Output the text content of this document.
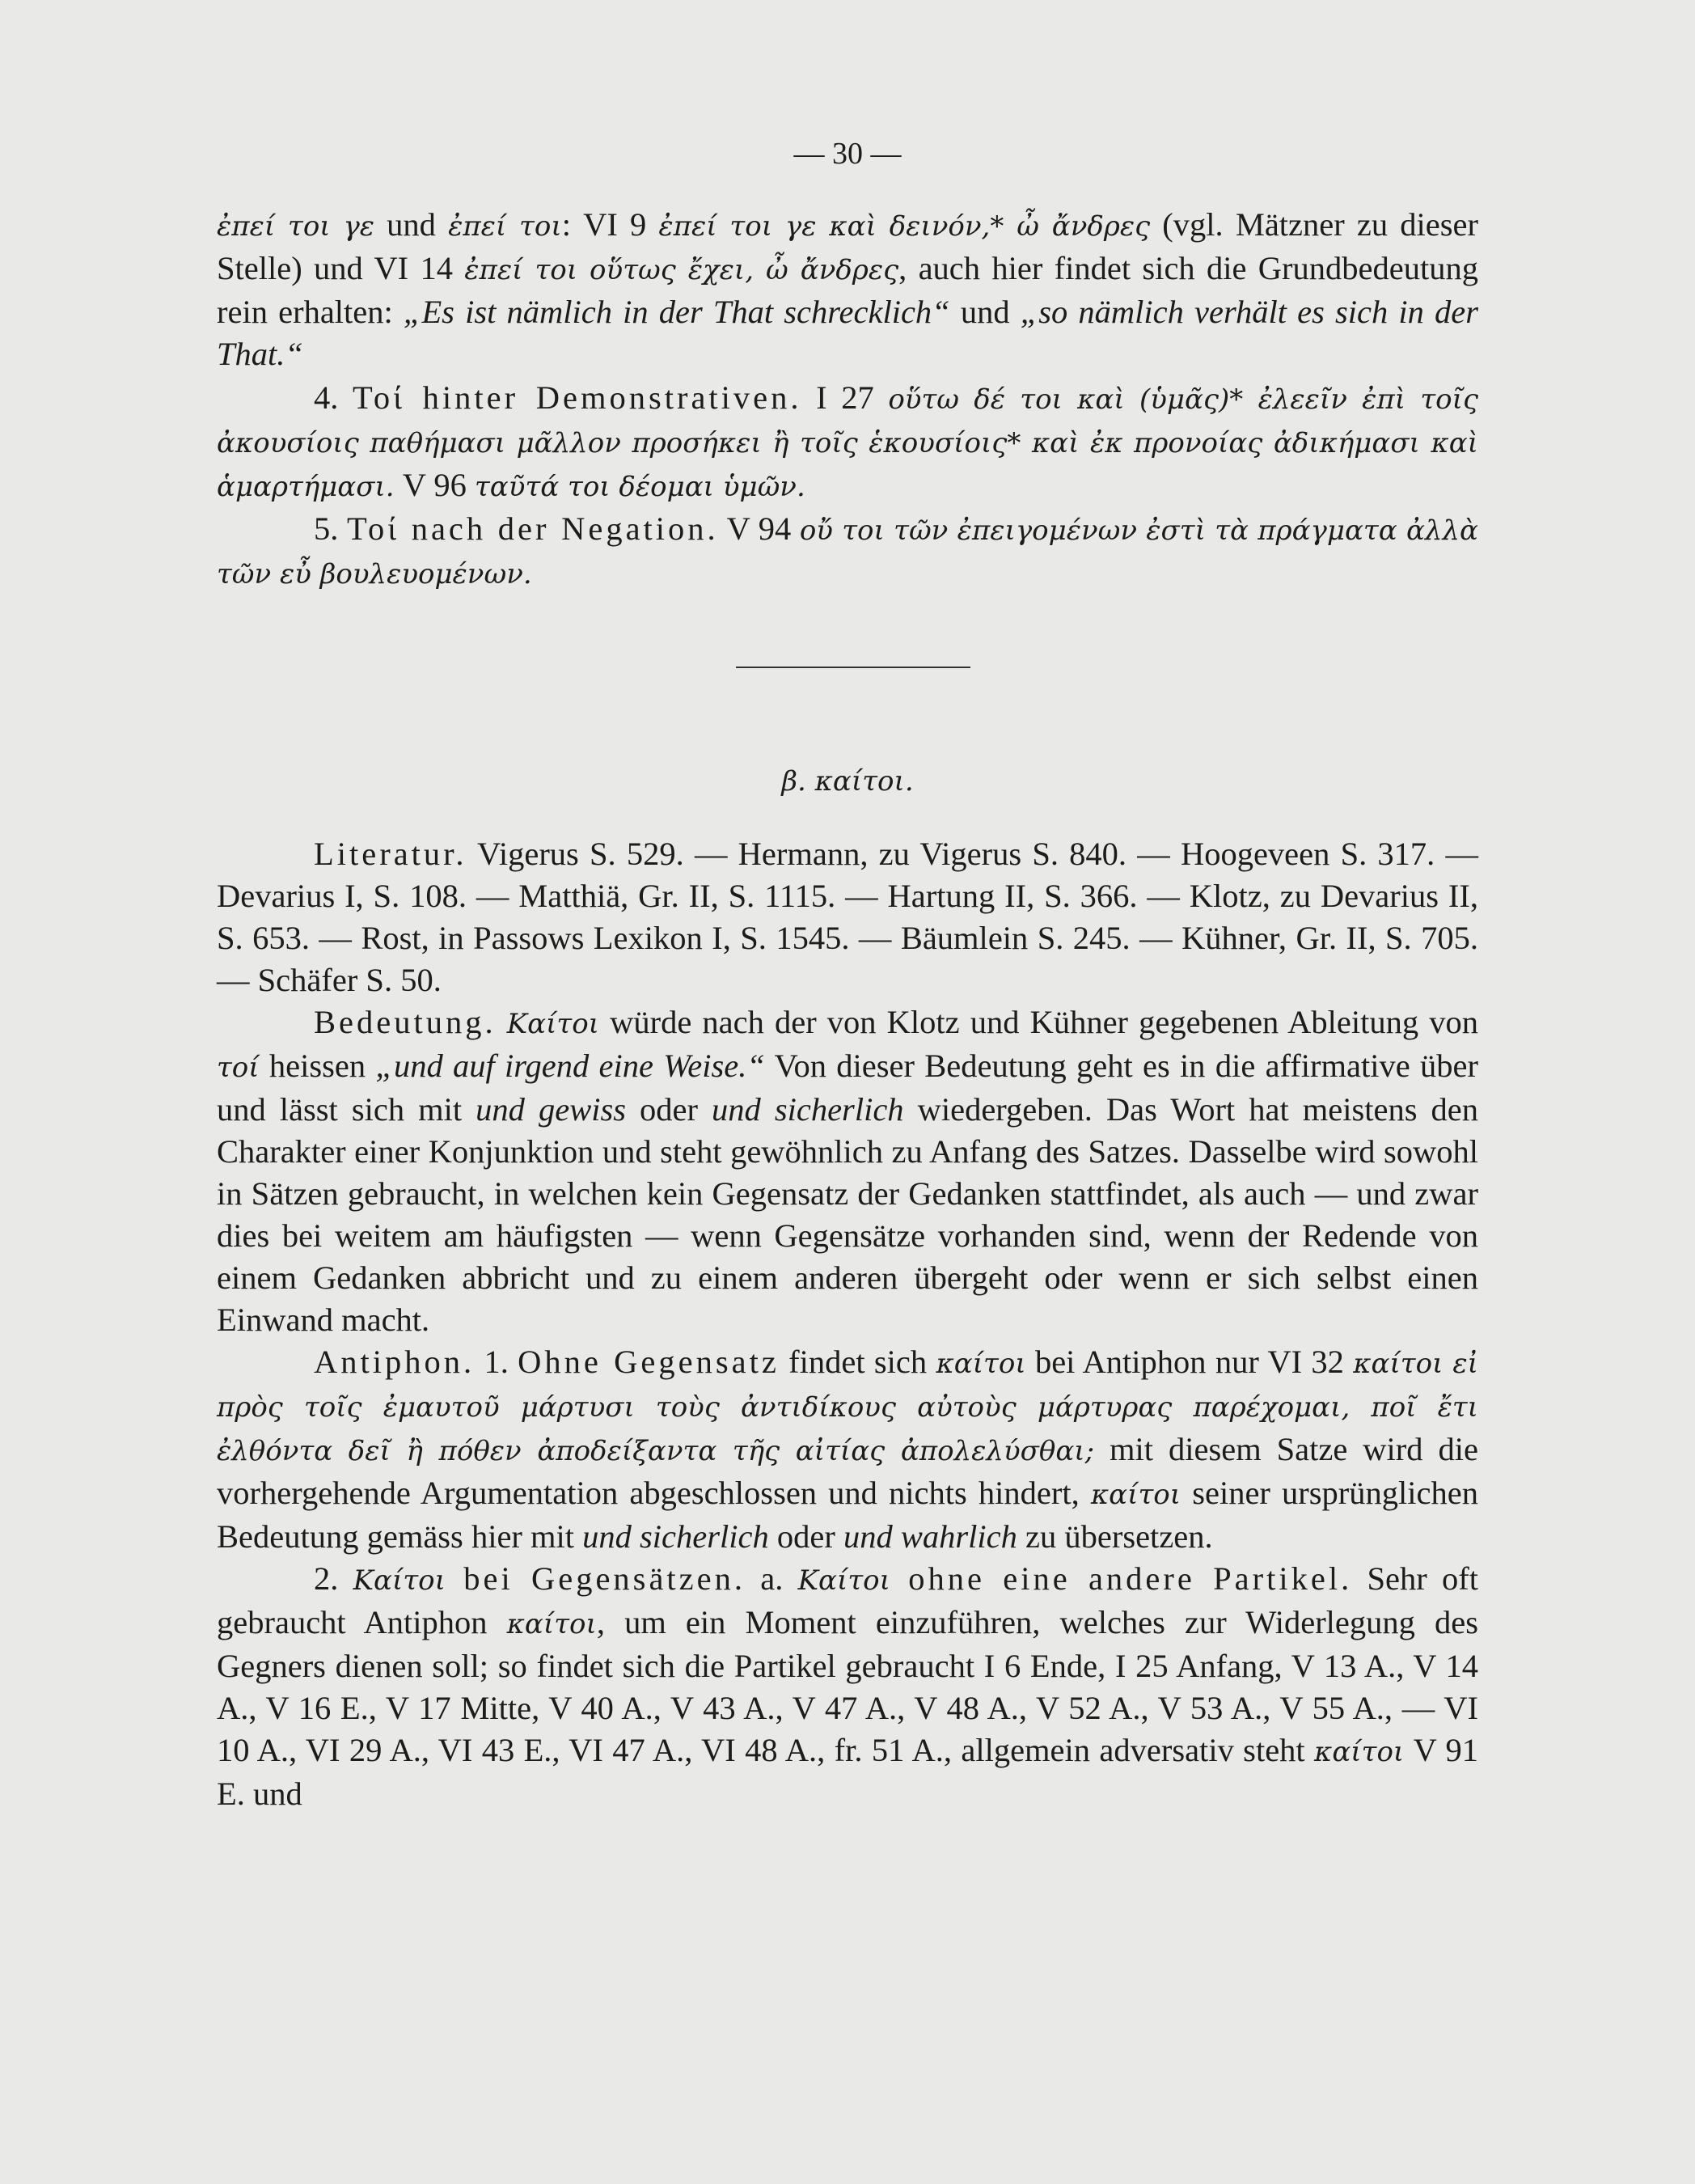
— 30 —

ἐπεί τοι γε und ἐπεί τοι: VI 9 ἐπεί τοι γε καὶ δεινόν,* ὦ ἄνδρες (vgl. Mätzner zu dieser Stelle) und VI 14 ἐπεί τοι οὕτως ἔχει, ὦ ἄνδρες, auch hier findet sich die Grundbedeutung rein erhalten: „Es ist nämlich in der That schrecklich“ und „so nämlich verhält es sich in der That.“

4. Τοί hinter Demonstrativen. I 27 οὕτω δέ τοι καὶ (ὑμᾶς)* ἐλεεῖν ἐπὶ τοῖς ἀκουσίοις παθήμασι μᾶλλον προσήκει ἢ τοῖς ἑκουσίοις* καὶ ἐκ προνοίας ἀδικήμασι καὶ ἁμαρτήμασι. V 96 ταῦτά τοι δέομαι ὑμῶν.

5. Τοί nach der Negation. V 94 οὔ τοι τῶν ἐπειγομένων ἐστὶ τὰ πράγματα ἀλλὰ τῶν εὖ βουλευομένων.

β. καίτοι.

Literatur. Vigerus S. 529. — Hermann, zu Vigerus S. 840. — Hoogeveen S. 317. — Devarius I, S. 108. — Matthiä, Gr. II, S. 1115. — Hartung II, S. 366. — Klotz, zu Devarius II, S. 653. — Rost, in Passows Lexikon I, S. 1545. — Bäumlein S. 245. — Kühner, Gr. II, S. 705. — Schäfer S. 50.

Bedeutung. Καίτοι würde nach der von Klotz und Kühner gegebenen Ableitung von τοί heissen „und auf irgend eine Weise.“ Von dieser Bedeutung geht es in die affirmative über und lässt sich mit und gewiss oder und sicherlich wiedergeben. Das Wort hat meistens den Charakter einer Konjunktion und steht gewöhnlich zu Anfang des Satzes. Dasselbe wird sowohl in Sätzen gebraucht, in welchen kein Gegensatz der Gedanken stattfindet, als auch — und zwar dies bei weitem am häufigsten — wenn Gegensätze vorhanden sind, wenn der Redende von einem Gedanken abbricht und zu einem anderen übergeht oder wenn er sich selbst einen Einwand macht.

Antiphon. 1. Ohne Gegensatz findet sich καίτοι bei Antiphon nur VI 32 καίτοι εἰ πρὸς τοῖς ἐμαυτοῦ μάρτυσι τοὺς ἀντιδίκους αὐτοὺς μάρτυρας παρέχομαι, ποῖ ἔτι ἐλθόντα δεῖ ἢ πόθεν ἀποδείξαντα τῆς αἰτίας ἀπολελύσθαι; mit diesem Satze wird die vorhergehende Argumentation abgeschlossen und nichts hindert, καίτοι seiner ursprünglichen Bedeutung gemäss hier mit und sicherlich oder und wahrlich zu übersetzen.

2. Καίτοι bei Gegensätzen. a. Καίτοι ohne eine andere Partikel. Sehr oft gebraucht Antiphon καίτοι, um ein Moment einzuführen, welches zur Widerlegung des Gegners dienen soll; so findet sich die Partikel gebraucht I 6 Ende, I 25 Anfang, V 13 A., V 14 A., V 16 E., V 17 Mitte, V 40 A., V 43 A., V 47 A., V 48 A., V 52 A., V 53 A., V 55 A., — VI 10 A., VI 29 A., VI 43 E., VI 47 A., VI 48 A., fr. 51 A., allgemein adversativ steht καίτοι V 91 E. und
